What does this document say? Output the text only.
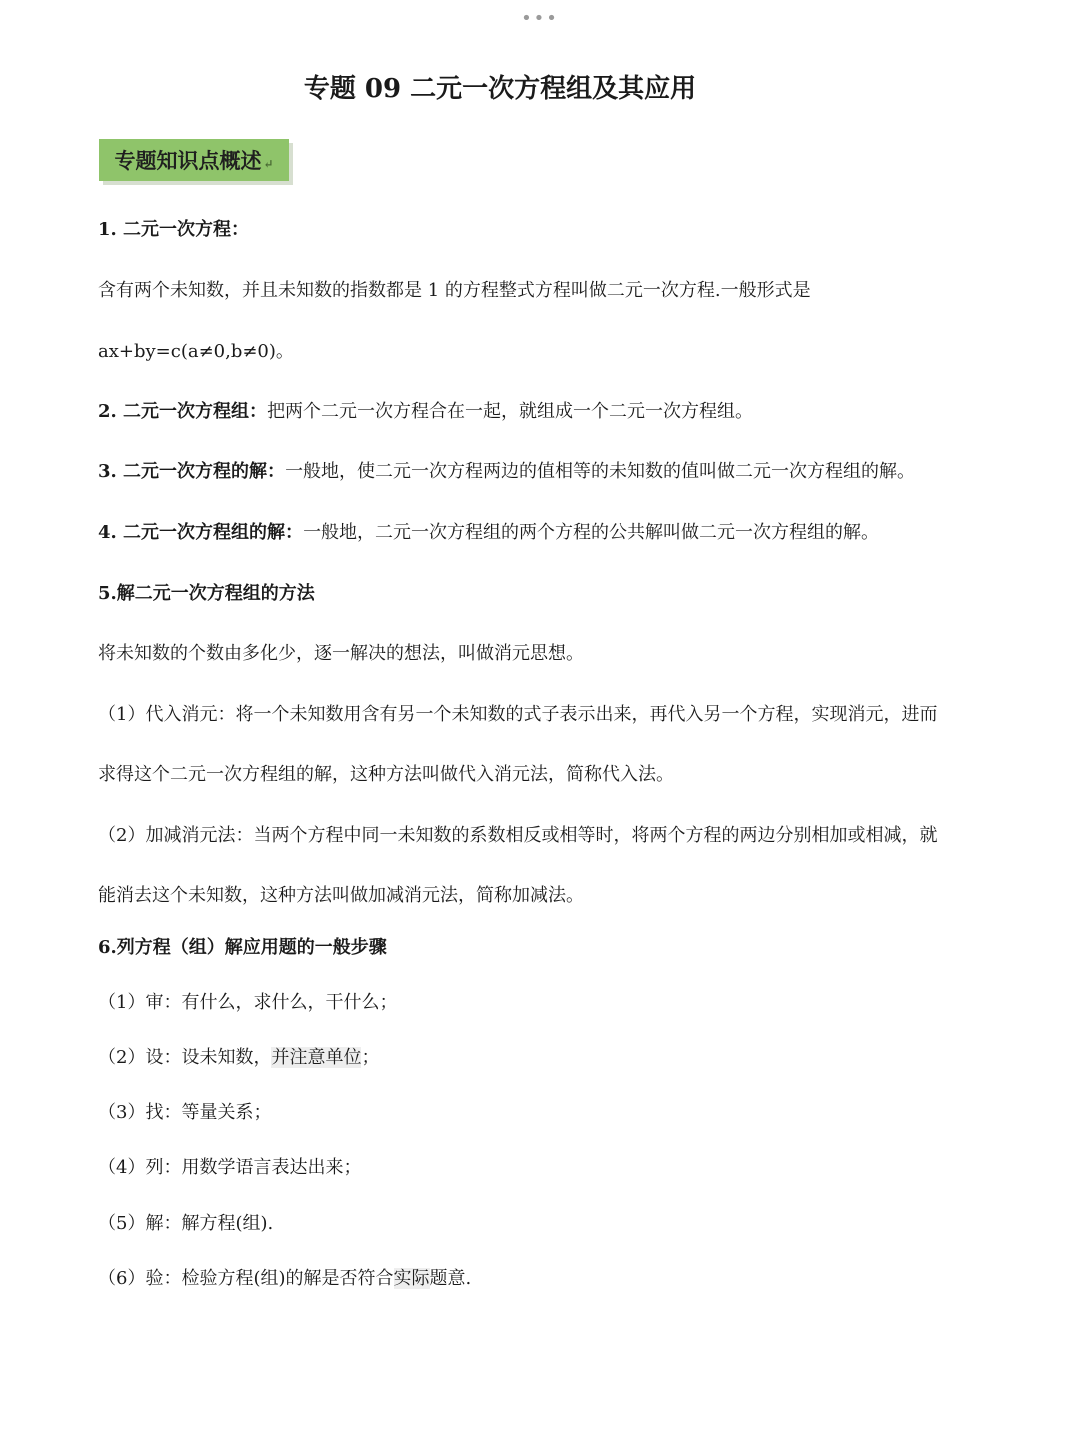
•••
专题 09 二元一次方程组及其应用
专题知识点概述 ↵
1. 二元一次方程：
含有两个未知数，并且未知数的指数都是 1 的方程整式方程叫做二元一次方程.一般形式是
ax+by=c(a≠0,b≠0)。
2. 二元一次方程组：把两个二元一次方程合在一起，就组成一个二元一次方程组。
3. 二元一次方程的解：一般地，使二元一次方程两边的值相等的未知数的值叫做二元一次方程组的解。
4. 二元一次方程组的解：一般地，二元一次方程组的两个方程的公共解叫做二元一次方程组的解。
5.解二元一次方程组的方法
将未知数的个数由多化少，逐一解决的想法，叫做消元思想。
（1）代入消元：将一个未知数用含有另一个未知数的式子表示出来，再代入另一个方程，实现消元，进而
求得这个二元一次方程组的解，这种方法叫做代入消元法，简称代入法。
（2）加减消元法：当两个方程中同一未知数的系数相反或相等时，将两个方程的两边分别相加或相减，就
能消去这个未知数，这种方法叫做加减消元法，简称加减法。
6.列方程（组）解应用题的一般步骤
（1）审：有什么，求什么，干什么；
（2）设：设未知数，并注意单位；
（3）找：等量关系；
（4）列：用数学语言表达出来；
（5）解：解方程(组).
（6）验：检验方程(组)的解是否符合实际题意.
